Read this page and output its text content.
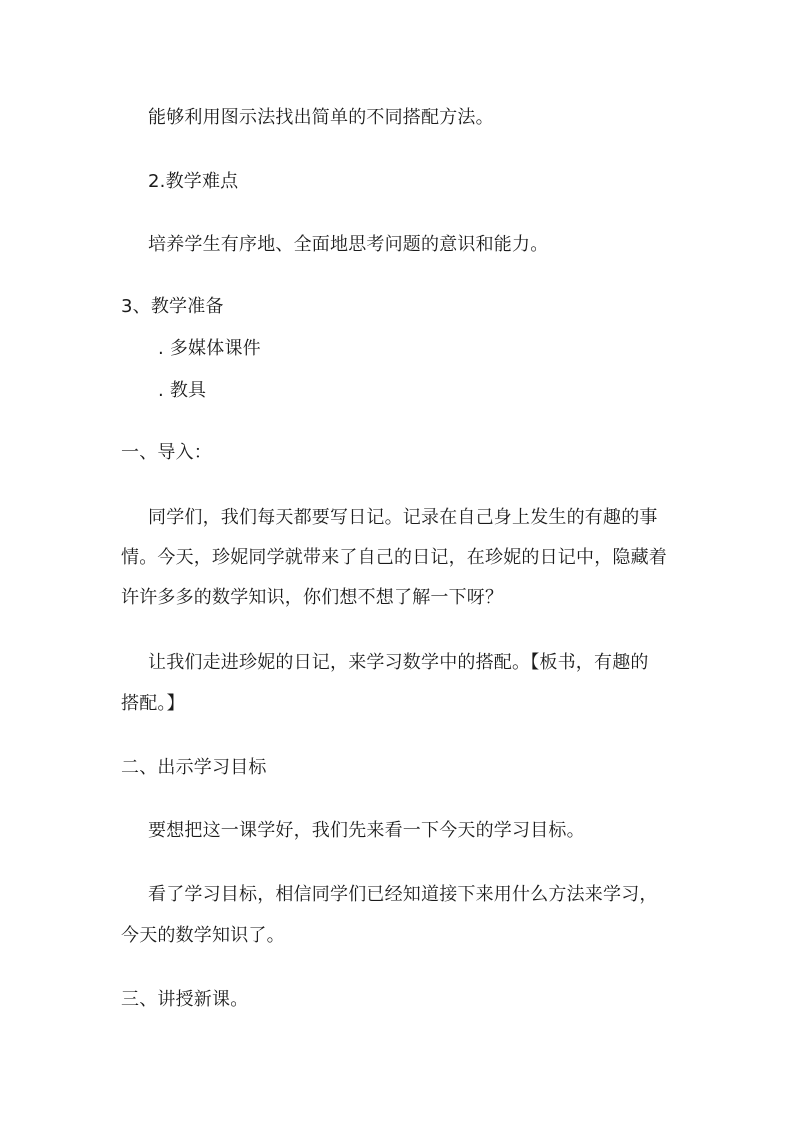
能够利用图示法找出简单的不同搭配方法。
2.教学难点
培养学生有序地、全面地思考问题的意识和能力。
3、教学准备
. 多媒体课件
. 教具
一、导入：
同学们，我们每天都要写日记。记录在自己身上发生的有趣的事
情。今天，珍妮同学就带来了自己的日记，在珍妮的日记中，隐藏着
许许多多的数学知识，你们想不想了解一下呀？
让我们走进珍妮的日记，来学习数学中的搭配。【板书，有趣的
搭配。】
二、出示学习目标
要想把这一课学好，我们先来看一下今天的学习目标。
看了学习目标，相信同学们已经知道接下来用什么方法来学习，
今天的数学知识了。
三、讲授新课。
